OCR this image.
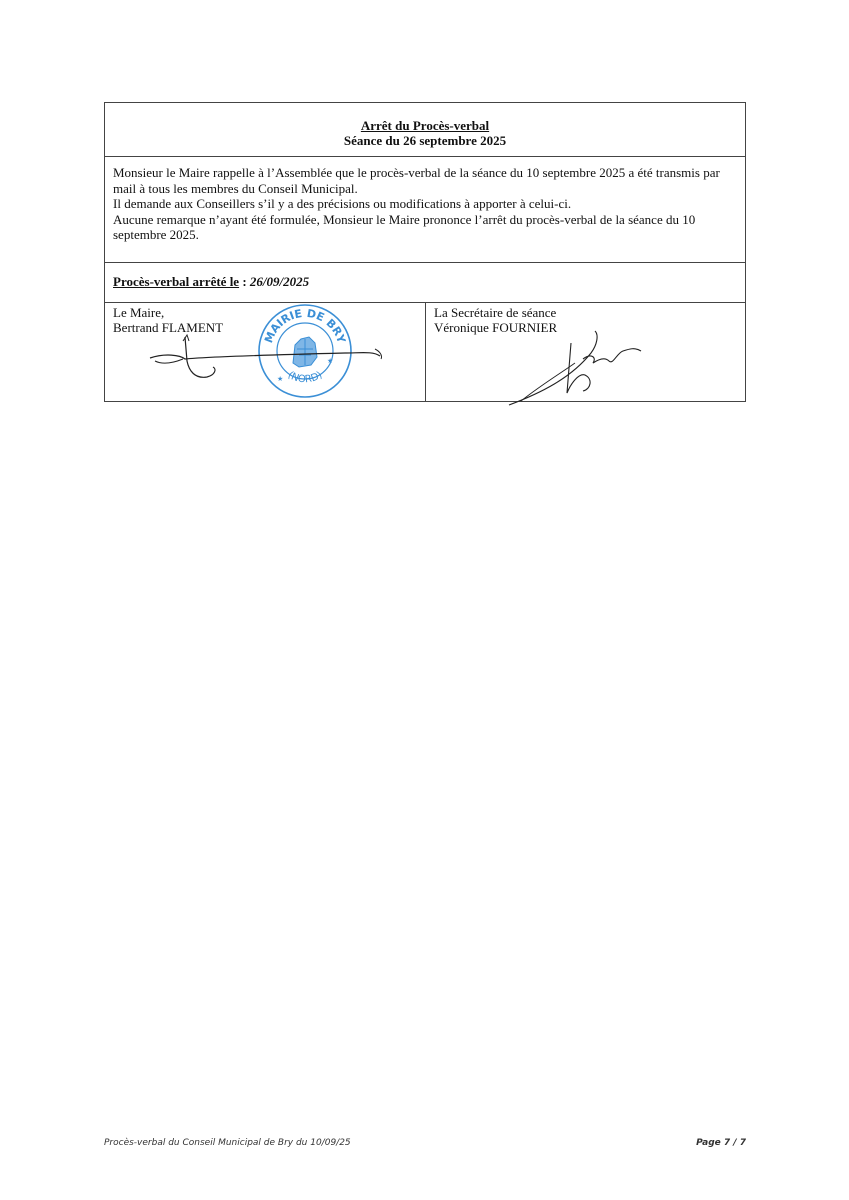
Arrêt du Procès-verbal
Séance du 26 septembre 2025

Monsieur le Maire rappelle à l’Assemblée que le procès-verbal de la séance du 10 septembre 2025 a été transmis par mail à tous les membres du Conseil Municipal.

Il demande aux Conseillers s’il y a des précisions ou modifications à apporter à celui-ci.

Aucune remarque n’ayant été formulée, Monsieur le Maire prononce l’arrêt du procès-verbal de la séance du 10 septembre 2025.

Procès-verbal arrêté le : 26/09/2025
Le Maire,
Bertrand FLAMENT
MAIRIE DE BRY
(NORD)
★
★
La Secrétaire de séance
Véronique FOURNIER
Procès-verbal du Conseil Municipal de Bry du 10/09/25	Page 7 / 7
